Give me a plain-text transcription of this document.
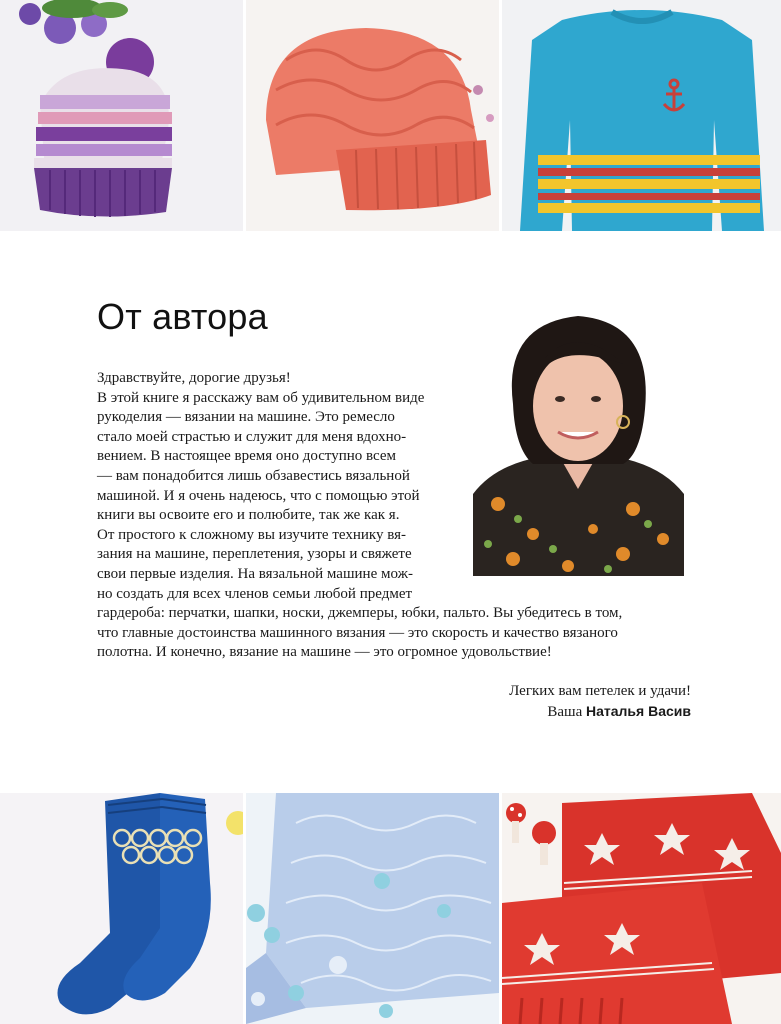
От автора
Здравствуйте, дорогие друзья!
В этой книге я расскажу вам об удивительном виде
рукоделия — вязании на машине. Это ремесло
стало моей страстью и служит для меня вдохно-
вением. В настоящее время оно доступно всем
— вам понадобится лишь обзавестись вязальной
машиной. И я очень надеюсь, что с помощью этой
книги вы освоите его и полюбите, так же как я.
От простого к сложному вы изучите технику вя-
зания на машине, переплетения, узоры и свяжете
свои первые изделия. На вязальной машине мож-
но создать для всех членов семьи любой предмет
гардероба: перчатки, шапки, носки, джемперы, юбки, пальто. Вы убедитесь в том,
что главные достоинства машинного вязания — это скорость и качество вязаного
полотна. И конечно, вязание на машине — это огромное удовольствие!
Легких вам петелек и удачи!
Ваша Наталья Васив
